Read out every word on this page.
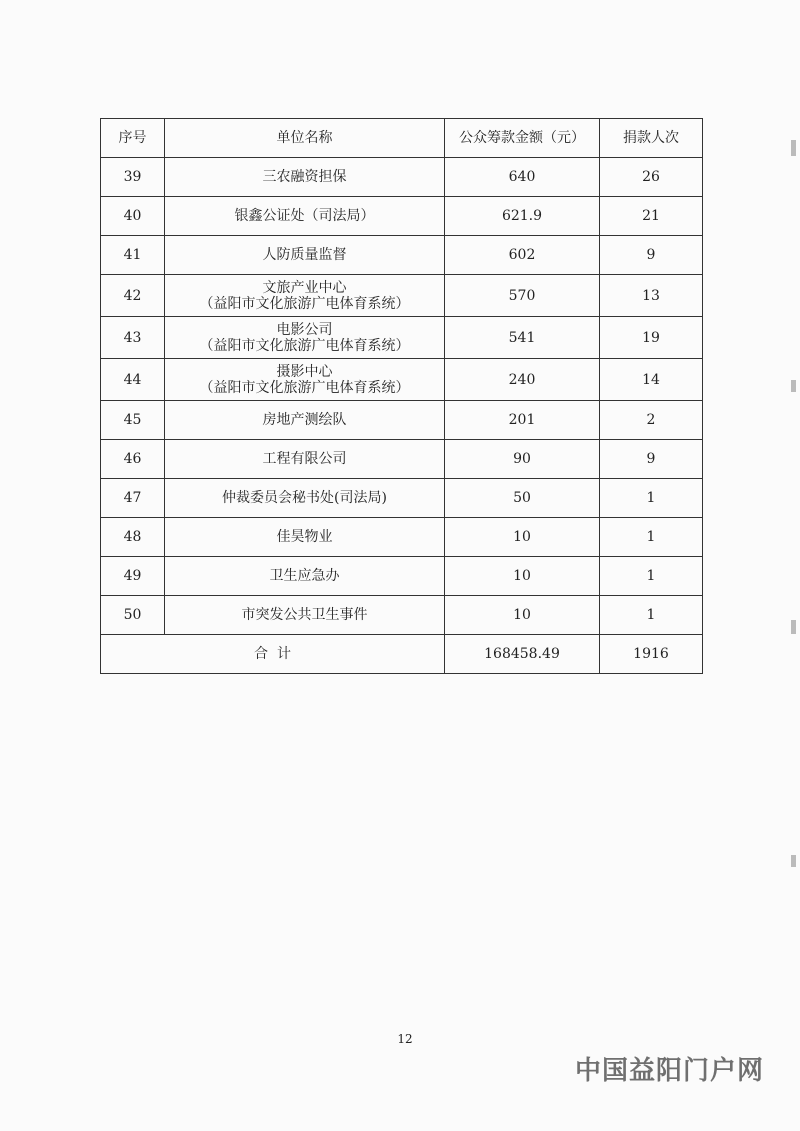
序号	单位名称	公众筹款金额（元）	捐款人次
39	三农融资担保	640	26
40	银鑫公证处（司法局）	621.9	21
41	人防质量监督	602	9
42	文旅产业中心
（益阳市文化旅游广电体育系统）	570	13
43	电影公司
（益阳市文化旅游广电体育系统）	541	19
44	摄影中心
（益阳市文化旅游广电体育系统）	240	14
45	房地产测绘队	201	2
46	工程有限公司	90	9
47	仲裁委员会秘书处(司法局)	50	1
48	佳昊物业	10	1
49	卫生应急办	10	1
50	市突发公共卫生事件	10	1
合  计		168458.49	1916
12
中国益阳门户网
